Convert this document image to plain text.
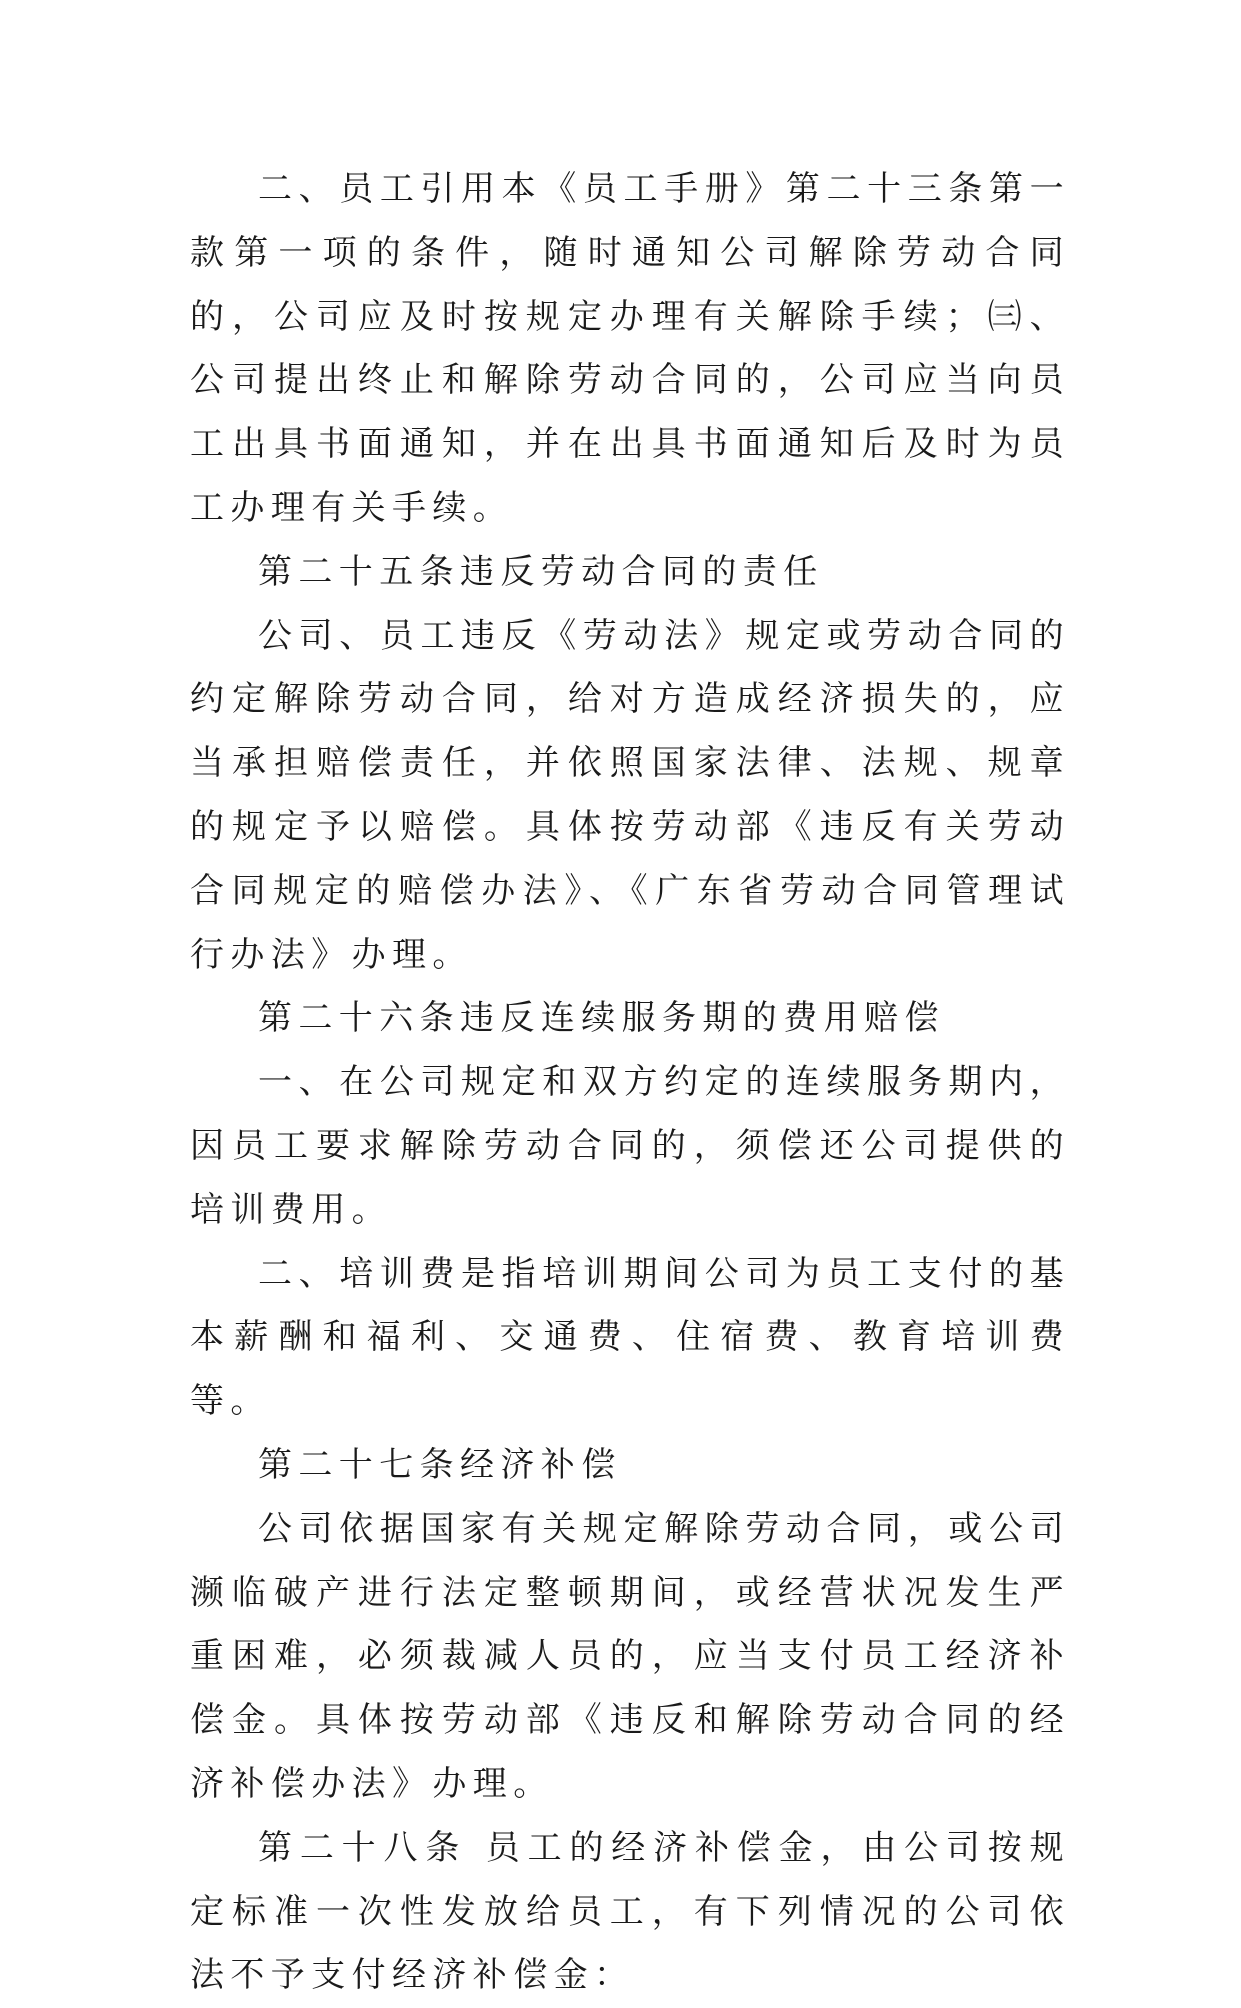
二、员工引用本《员工手册》第二十三条第一款第一项的条件，随时通知公司解除劳动合同的，公司应及时按规定办理有关解除手续；㈢、公司提出终止和解除劳动合同的，公司应当向员工出具书面通知，并在出具书面通知后及时为员工办理有关手续。

第二十五条违反劳动合同的责任

公司、员工违反《劳动法》规定或劳动合同的约定解除劳动合同，给对方造成经济损失的，应当承担赔偿责任，并依照国家法律、法规、规章的规定予以赔偿。具体按劳动部《违反有关劳动合同规定的赔偿办法》、《广东省劳动合同管理试行办法》办理。

第二十六条违反连续服务期的费用赔偿

一、在公司规定和双方约定的连续服务期内，因员工要求解除劳动合同的，须偿还公司提供的培训费用。

二、培训费是指培训期间公司为员工支付的基本薪酬和福利、交通费、住宿费、教育培训费等。

第二十七条经济补偿

公司依据国家有关规定解除劳动合同，或公司濒临破产进行法定整顿期间，或经营状况发生严重困难，必须裁减人员的，应当支付员工经济补偿金。具体按劳动部《违反和解除劳动合同的经济补偿办法》办理。

第二十八条 员工的经济补偿金，由公司按规定标准一次性发放给员工，有下列情况的公司依法不予支付经济补偿金：
